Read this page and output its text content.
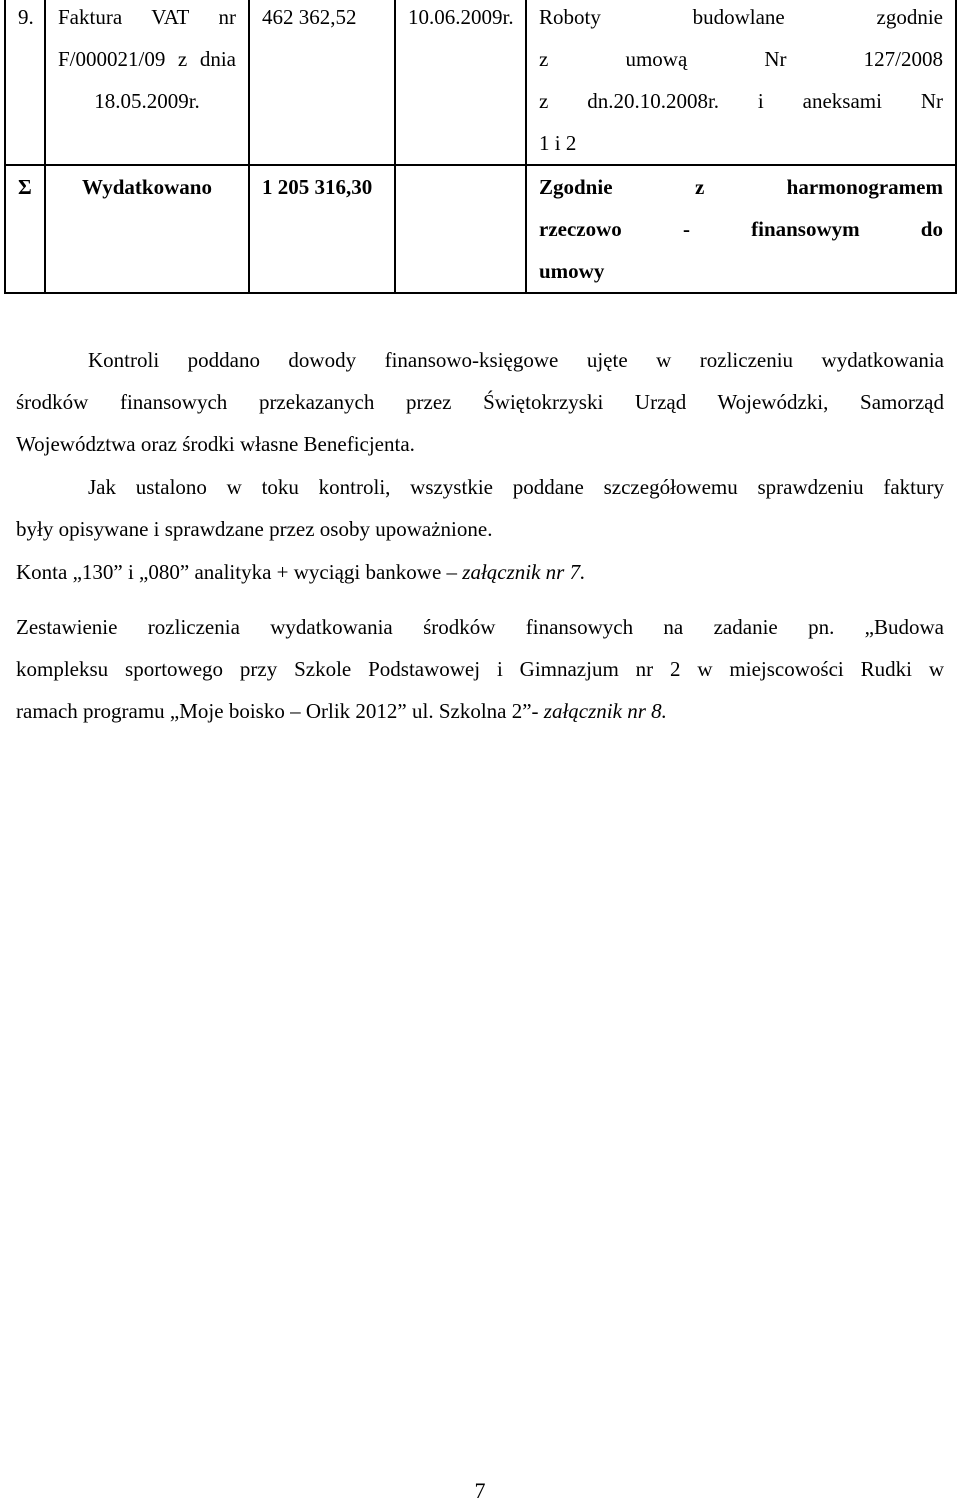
9.	Faktura VAT nr
F/000021/09 z dnia
18.05.2009r.	462 362,52	10.06.2009r.	Roboty budowlane zgodnie
z umową Nr 127/2008
z dn.20.10.2008r. i aneksami Nr
1 i 2

Σ	Wydatkowano	1 205 316,30		Zgodnie z harmonogramem
rzeczowo - finansowym do
umowy
Kontroli poddano dowody finansowo-księgowe ujęte w rozliczeniu wydatkowania
środków finansowych przekazanych przez Świętokrzyski Urząd Wojewódzki, Samorząd
Województwa oraz środki własne Beneficjenta.
Jak ustalono w toku kontroli, wszystkie poddane szczegółowemu sprawdzeniu faktury
były opisywane i sprawdzane przez osoby upoważnione.
Konta „130” i „080” analityka + wyciągi bankowe – załącznik nr 7.
Zestawienie rozliczenia wydatkowania środków finansowych na zadanie pn. „Budowa
kompleksu sportowego przy Szkole Podstawowej i Gimnazjum nr 2 w miejscowości Rudki w
ramach programu „Moje boisko – Orlik 2012” ul. Szkolna 2”- załącznik nr 8.
7
